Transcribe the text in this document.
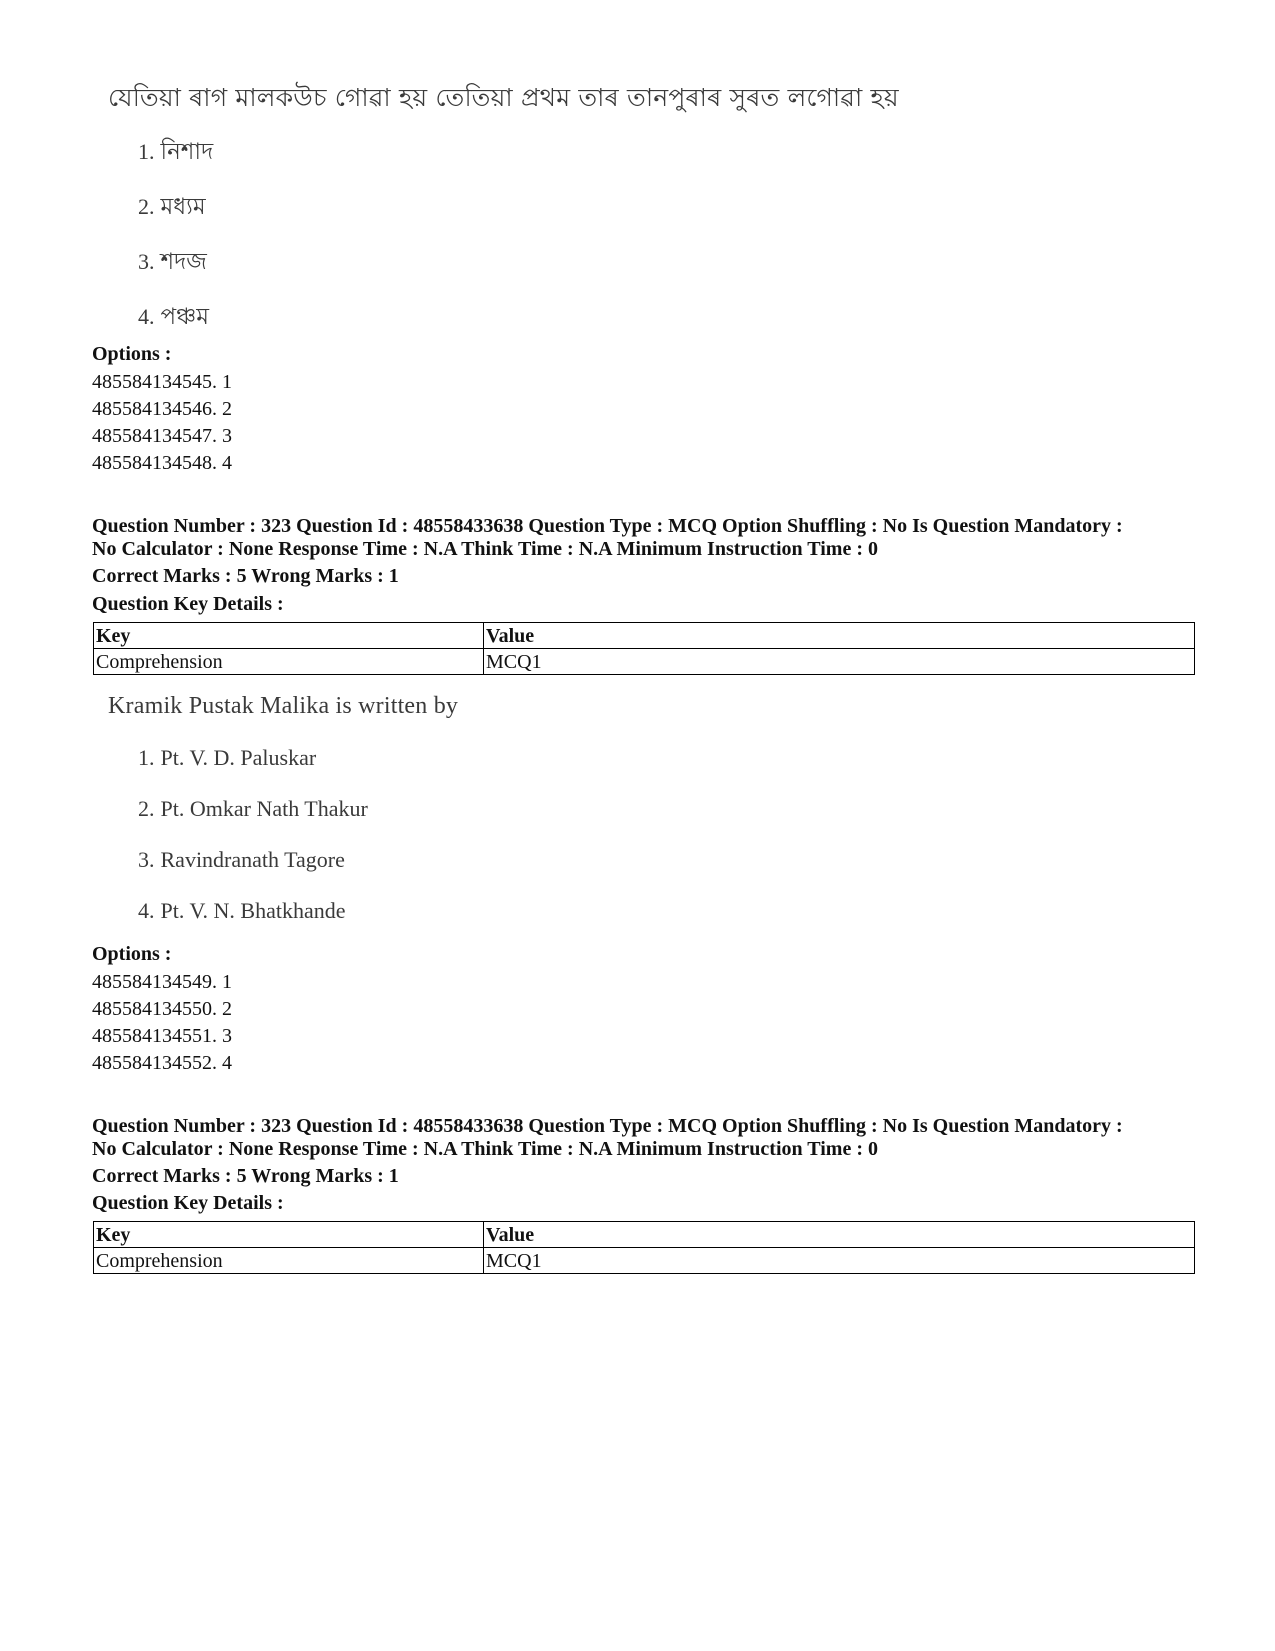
যেতিয়া ৰাগ মালকউচ গোৱা হয় তেতিয়া প্ৰথম তাৰ তানপুৰাৰ সুৰত লগোৱা হয়
1. নিশাদ
2. মধ্যম
3. শদজ
4. পঞ্চম
Options :
485584134545. 1
485584134546. 2
485584134547. 3
485584134548. 4
Question Number : 323 Question Id : 48558433638 Question Type : MCQ Option Shuffling : No Is Question Mandatory :
No Calculator : None Response Time : N.A Think Time : N.A Minimum Instruction Time : 0
Correct Marks : 5 Wrong Marks : 1
Question Key Details :
Key	Value
Comprehension	MCQ1
Kramik Pustak Malika is written by
1. Pt. V. D. Paluskar
2. Pt. Omkar Nath Thakur
3. Ravindranath Tagore
4. Pt. V. N. Bhatkhande
Options :
485584134549. 1
485584134550. 2
485584134551. 3
485584134552. 4
Question Number : 323 Question Id : 48558433638 Question Type : MCQ Option Shuffling : No Is Question Mandatory :
No Calculator : None Response Time : N.A Think Time : N.A Minimum Instruction Time : 0
Correct Marks : 5 Wrong Marks : 1
Question Key Details :
Key	Value
Comprehension	MCQ1
